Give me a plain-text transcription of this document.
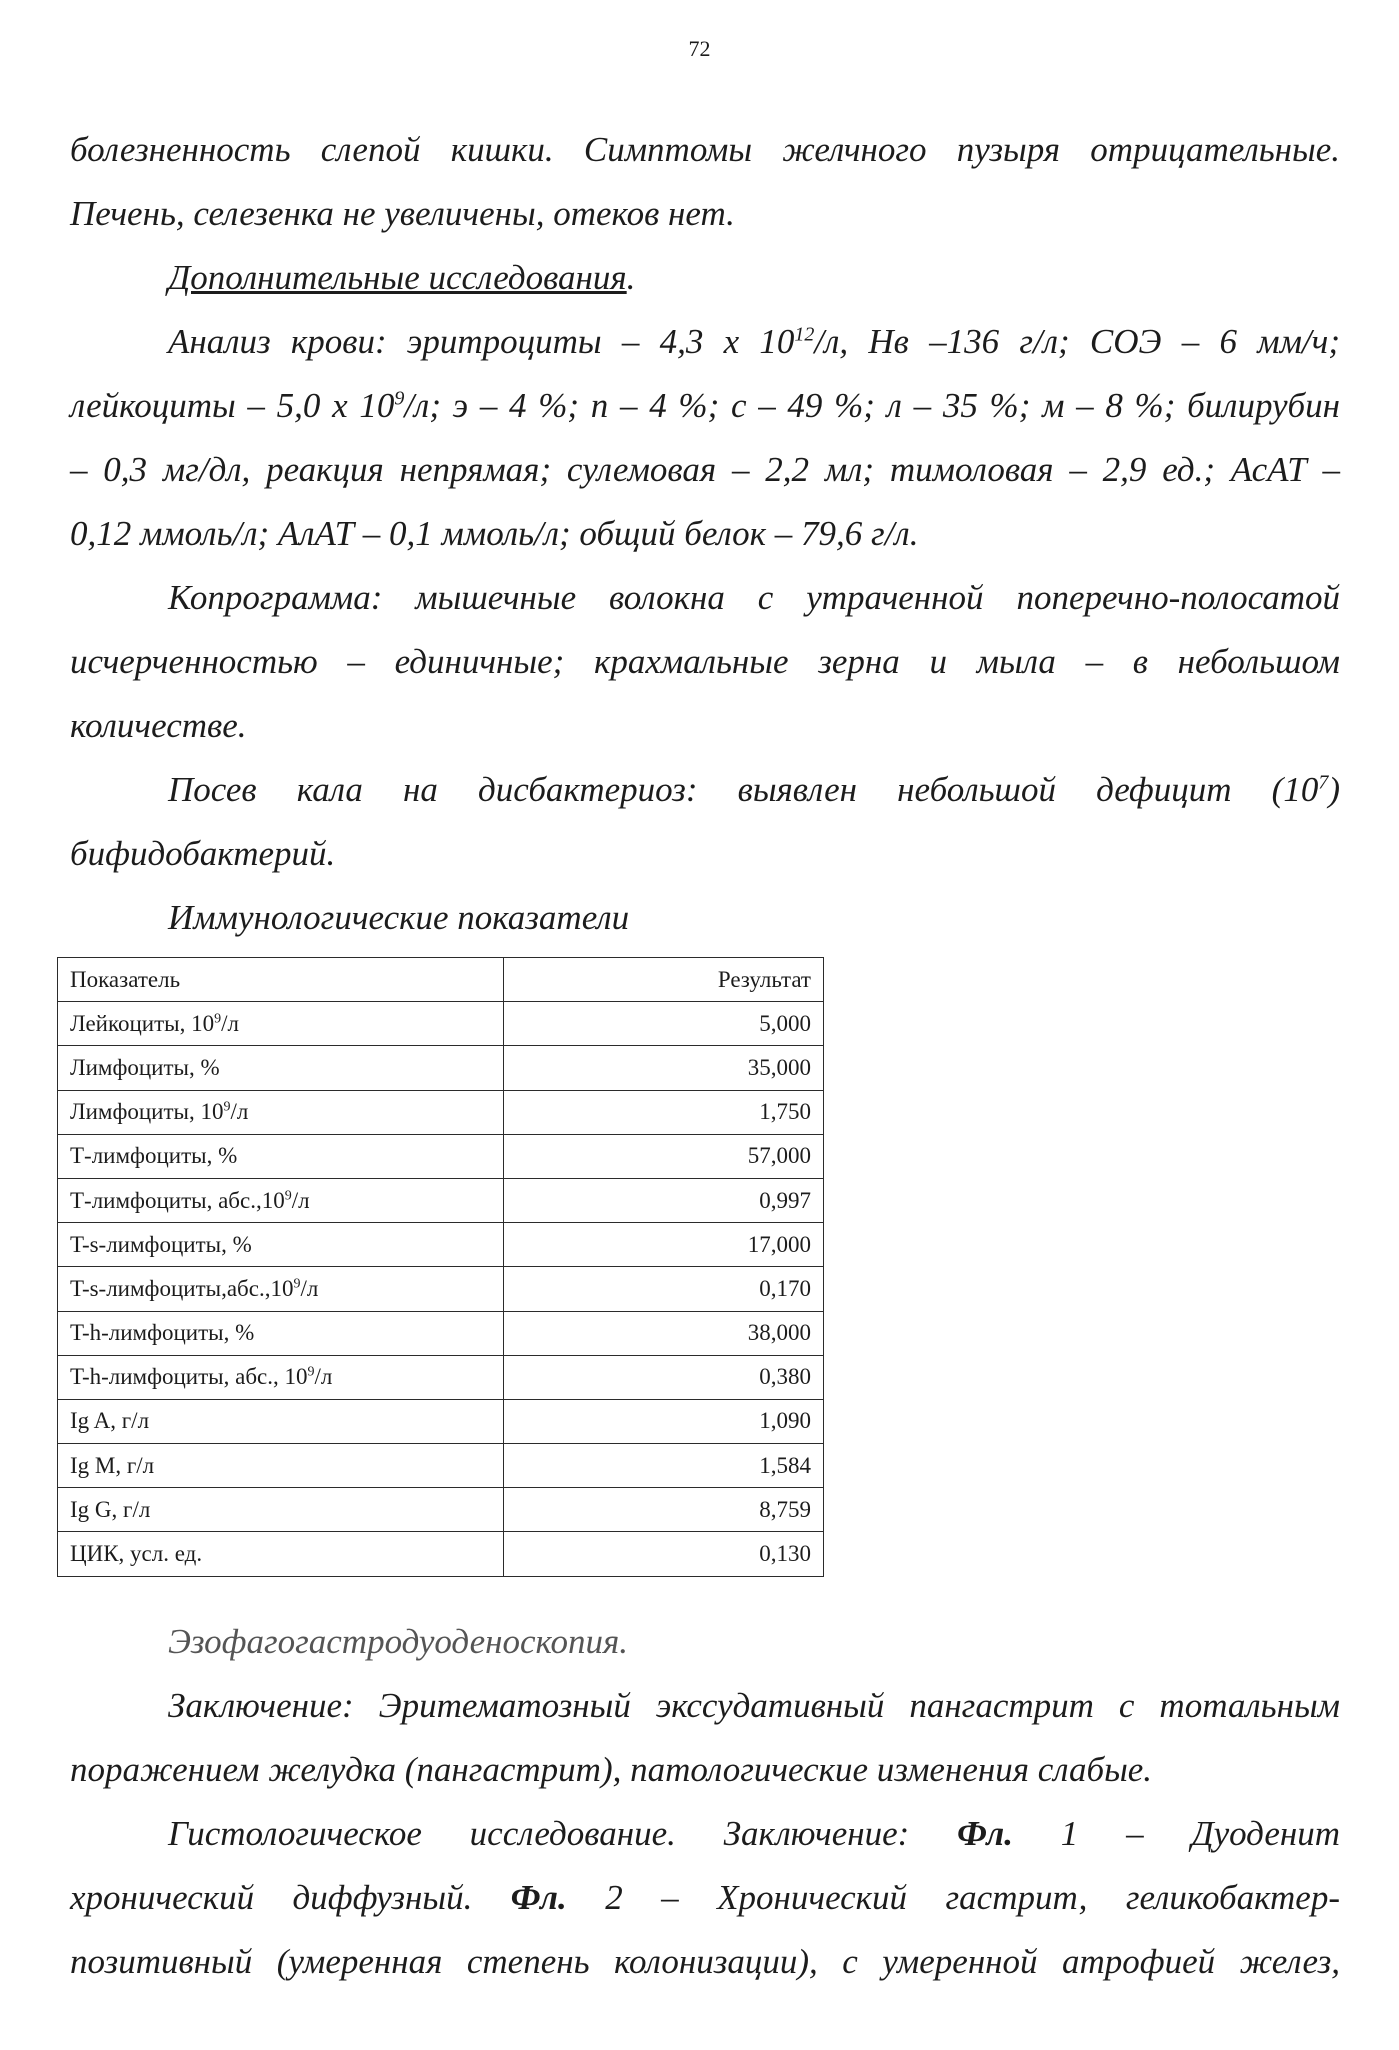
72
болезненность слепой кишки. Симптомы желчного пузыря отрицательные.
Печень, селезенка не увеличены, отеков нет.
Дополнительные исследования.
Анализ крови: эритроциты – 4,3 х $10^{12}/л$, Нв –136 г/л; СОЭ – 6 мм/ч;
лейкоциты – 5,0 х $10^9/л$; э – 4 %; п – 4 %; с – 49 %; л – 35 %; м – 8 %; билирубин
– 0,3 мг/дл, реакция непрямая; сулемовая – 2,2 мл; тимоловая – 2,9 ед.; АсАТ –
0,12 ммоль/л; АлАТ – 0,1 ммоль/л; общий белок – 79,6 г/л.
Копрограмма: мышечные волокна с утраченной поперечно-полосатой
исчерченностью – единичные; крахмальные зерна и мыла – в небольшом
количестве.
Посев кала на дисбактериоз: выявлен небольшой дефицит $(10^7)$
бифидобактерий.
Иммунологические показатели
Показатель	Результат
Лейкоциты, $10^9/л$	5,000
Лимфоциты, %	35,000
Лимфоциты, $10^9/л$	1,750
Т-лимфоциты, %	57,000
Т-лимфоциты, абс.,10$^9$/л	0,997
T-s-лимфоциты, %	17,000
T-s-лимфоциты,абс.,10$^9$/л	0,170
T-h-лимфоциты, %	38,000
T-h-лимфоциты, абс., $10^9/л$	0,380
Ig A, г/л	1,090
Ig M, г/л	1,584
Ig G, г/л	8,759
ЦИК, усл. ед.	0,130
Эзофагогастродуоденоскопия.
Заключение: Эритематозный экссудативный пангастрит с тотальным
поражением желудка (пангастрит), патологические изменения слабые.
Гистологическое исследование. Заключение: Фл. 1 – Дуоденит
хронический диффузный. Фл. 2 – Хронический гастрит, геликобактер-
позитивный (умеренная степень колонизации), с умеренной атрофией желез,
